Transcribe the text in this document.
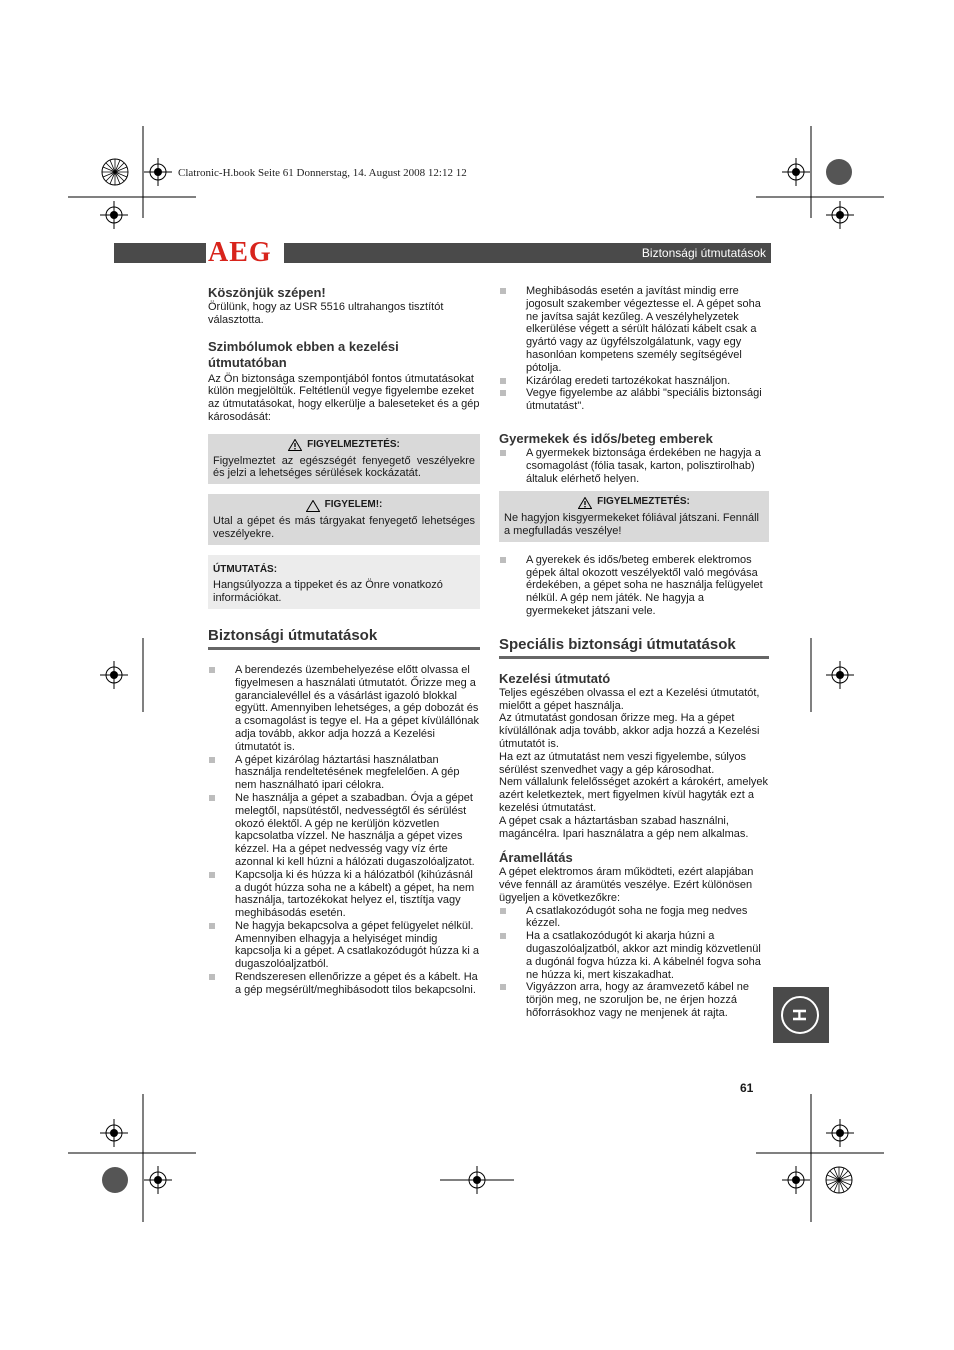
Clatronic-H.book Seite 61 Donnerstag, 14. August 2008 12:12 12
AEG	Biztonsági útmutatások
Köszönjük szépen!

Örülünk, hogy az USR 5516 ultrahangos tisztítót választotta.

Szimbólumok ebben a kezelési útmutatóban

Az Ön biztonsága szempontjából fontos útmutatásokat külön megjelöltük. Feltétlenül vegye figyelembe ezeket az útmutatásokat, hogy elkerülje a baleseteket és a gép károsodását:

FIGYELMEZTETÉS:
Figyelmeztet az egészségét fenyegető veszélyekre és jelzi a lehetséges sérülések kockázatát.
FIGYELEM!:
Utal a gépet és más tárgyakat fenyegető lehetséges veszélyekre.
ÚTMUTATÁS:
Hangsúlyozza a tippeket és az Önre vonatkozó információkat.
Biztonsági útmutatások
A berendezés üzembehelyezése előtt olvassa el figyelmesen a használati útmutatót. Őrizze meg a garancialevéllel és a vásárlást igazoló blokkal együtt. Amennyiben lehetséges, a gép dobozát és a csomagolást is tegye el. Ha a gépet kívülállónak adja tovább, akkor adja hozzá a Kezelési útmutatót is.
A gépet kizárólag háztartási használatban használja rendeltetésének megfelelően. A gép nem használható ipari célokra.
Ne használja a gépet a szabadban. Óvja a gépet melegtől, napsütéstől, nedvességtől és sérülést okozó élektől. A gép ne kerüljön közvetlen kapcsolatba vízzel. Ne használja a gépet vizes kézzel. Ha a gépet nedvesség vagy víz érte azonnal ki kell húzni a hálózati dugaszolóaljzatot.
Kapcsolja ki és húzza ki a hálózatból (kihúzásnál a dugót húzza soha ne a kábelt) a gépet, ha nem használja, tartozékokat helyez el, tisztítja vagy meghibásodás esetén.
Ne hagyja bekapcsolva a gépet felügyelet nélkül. Amennyiben elhagyja a helyiséget mindig kapcsolja ki a gépet. A csatlakozódugót húzza ki a dugaszolóaljzatból.
Rendszeresen ellenőrizze a gépet és a kábelt. Ha a gép megsérült/meghibásodott tilos bekapcsolni.
Meghibásodás esetén a javítást mindig erre jogosult szakember végeztesse el. A gépet soha ne javítsa saját kezűleg. A veszélyhelyzetek elkerülése végett a sérült hálózati kábelt csak a gyártó vagy az ügyfélszolgálatunk, vagy egy hasonlóan kompetens személy segítségével pótolja.
Kizárólag eredeti tartozékokat használjon.
Vegye figyelembe az alábbi "speciális biztonsági útmutatást".
Gyermekek és idős/beteg emberek
A gyermekek biztonsága érdekében ne hagyja a csomagolást (fólia tasak, karton, polisztirolhab) általuk elérhető helyen.
FIGYELMEZTETÉS:
Ne hagyjon kisgyermekeket fóliával játszani. Fennáll a megfulladás veszélye!
A gyerekek és idős/beteg emberek elektromos gépek által okozott veszélyektől való megóvása érdekében, a gépet soha ne használja felügyelet nélkül. A gép nem játék. Ne hagyja a gyermekeket játszani vele.
Speciális biztonsági útmutatások
Kezelési útmutató

Teljes egészében olvassa el ezt a Kezelési útmutatót, mielőtt a gépet használja.

Az útmutatást gondosan őrizze meg. Ha a gépet kívülállónak adja tovább, akkor adja hozzá a Kezelési útmutatót is.

Ha ezt az útmutatást nem veszi figyelembe, súlyos sérülést szenvedhet vagy a gép károsodhat.

Nem vállalunk felelősséget azokért a károkért, amelyek azért keletkeztek, mert figyelmen kívül hagyták ezt a kezelési útmutatást.

A gépet csak a háztartásban szabad használni, magáncélra. Ipari használatra a gép nem alkalmas.

Áramellátás

A gépet elektromos áram működteti, ezért alapjában véve fennáll az áramütés veszélye. Ezért különösen ügyeljen a következőkre:

A csatlakozódugót soha ne fogja meg nedves kézzel.
Ha a csatlakozódugót ki akarja húzni a dugaszolóaljzatból, akkor azt mindig közvetlenül a dugónál fogva húzza ki. A kábelnél fogva soha ne húzza ki, mert kiszakadhat.
Vigyázzon arra, hogy az áramvezető kábel ne törjön meg, ne szoruljon be, ne érjen hozzá hőforrásokhoz vagy ne menjenek át rajta.	H
61
